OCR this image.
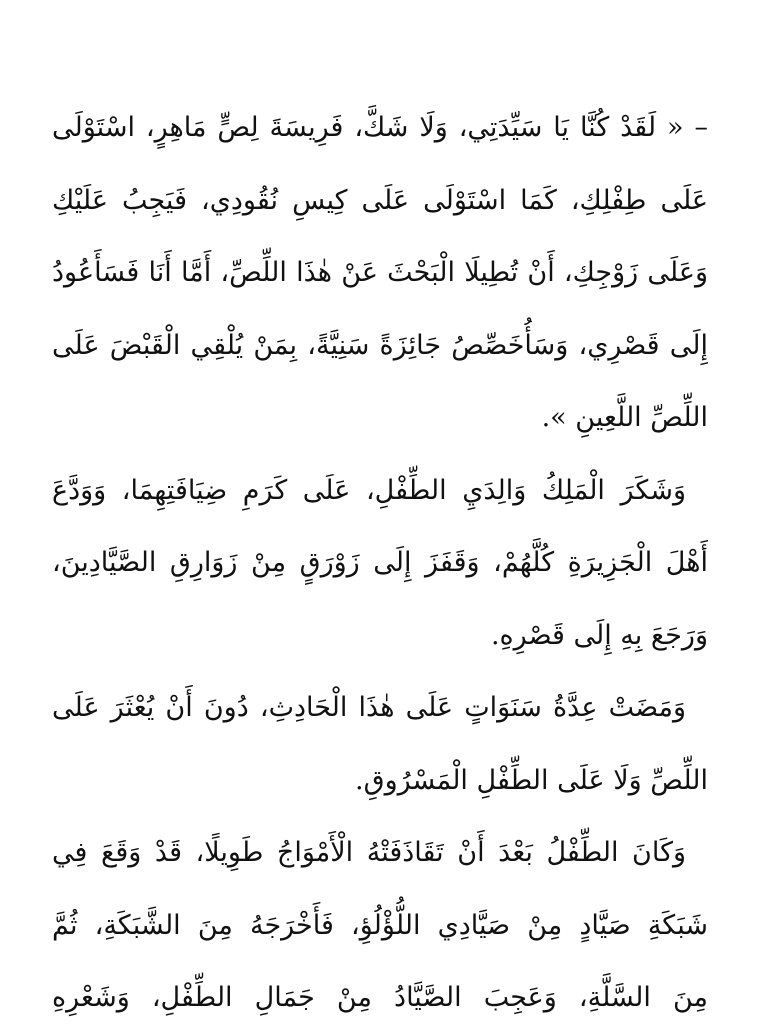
– « لَقَدْ كُنَّا يَا سَيِّدَتِي، وَلَا شَكَّ، فَرِيسَةَ لِصٍّ مَاهِرٍ، اسْتَوْلَى
عَلَى طِفْلِكِ، كَمَا اسْتَوْلَى عَلَى كِيسِ نُقُودِي، فَيَجِبُ عَلَيْكِ
وَعَلَى زَوْجِكِ، أَنْ تُطِيلَا الْبَحْثَ عَنْ هٰذَا اللِّصِّ، أَمَّا أَنَا فَسَأَعُودُ
إِلَى قَصْرِي، وَسَأُخَصِّصُ جَائِزَةً سَنِيَّةً، بِمَنْ يُلْقِي الْقَبْضَ عَلَى
اللِّصِّ اللَّعِينِ ».
وَشَكَرَ الْمَلِكُ وَالِدَيِ الطِّفْلِ، عَلَى كَرَمِ ضِيَافَتِهِمَا، وَوَدَّعَ
أَهْلَ الْجَزِيرَةِ كُلَّهُمْ، وَقَفَزَ إِلَى زَوْرَقٍ مِنْ زَوَارِقِ الصَّيَّادِينَ،
وَرَجَعَ بِهِ إِلَى قَصْرِهِ.
وَمَضَتْ عِدَّةُ سَنَوَاتٍ عَلَى هٰذَا الْحَادِثِ، دُونَ أَنْ يُعْثَرَ عَلَى
اللِّصِّ وَلَا عَلَى الطِّفْلِ الْمَسْرُوقِ.
وَكَانَ الطِّفْلُ بَعْدَ أَنْ تَقَاذَفَتْهُ الْأَمْوَاجُ طَوِيلًا، قَدْ وَقَعَ فِي
شَبَكَةِ صَيَّادٍ مِنْ صَيَّادِي اللُّؤْلُؤِ، فَأَخْرَجَهُ مِنَ الشَّبَكَةِ، ثُمَّ
مِنَ السَّلَّةِ، وَعَجِبَ الصَّيَّادُ مِنْ جَمَالِ الطِّفْلِ، وَشَعْرِهِ
